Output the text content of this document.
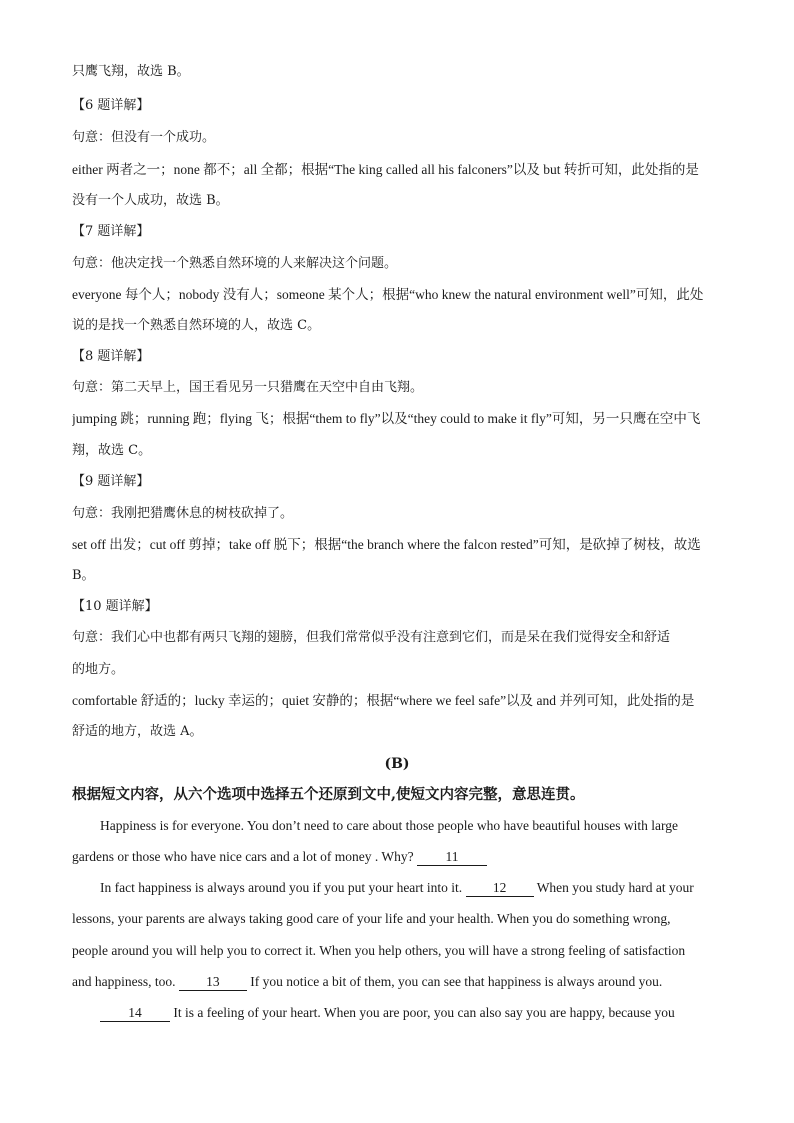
只鹰飞翔，故选 B。
【6 题详解】
句意：但没有一个成功。
either 两者之一；none 都不；all 全都；根据“The king called all his falconers”以及 but 转折可知，此处指的是
没有一个人成功，故选 B。
【7 题详解】
句意：他决定找一个熟悉自然环境的人来解决这个问题。
everyone 每个人；nobody 没有人；someone 某个人；根据“who knew the natural environment well”可知，此处
说的是找一个熟悉自然环境的人，故选 C。
【8 题详解】
句意：第二天早上，国王看见另一只猎鹰在天空中自由飞翔。
jumping 跳；running 跑；flying 飞；根据“them to fly”以及“they could to make it fly”可知，另一只鹰在空中飞
翔，故选 C。
【9 题详解】
句意：我刚把猎鹰休息的树枝砍掉了。
set off 出发；cut off 剪掉；take off 脱下；根据“the branch where the falcon rested”可知，是砍掉了树枝，故选
B。
【10 题详解】
句意：我们心中也都有两只飞翔的翅膀，但我们常常似乎没有注意到它们，而是呆在我们觉得安全和舒适
的地方。
comfortable 舒适的；lucky 幸运的；quiet 安静的；根据“where we feel safe”以及 and 并列可知，此处指的是
舒适的地方，故选 A。
(B)
根据短文内容，从六个选项中选择五个还原到文中,使短文内容完整，意思连贯。
Happiness is for everyone. You don’t need to care about those people who have beautiful houses with large
gardens or those who have nice cars and a lot of money . Why? 11
In fact happiness is always around you if you put your heart into it. 12 When you study hard at your
lessons, your parents are always taking good care of your life and your health. When you do something wrong,
people around you will help you to correct it. When you help others, you will have a strong feeling of satisfaction
and happiness, too. 13 If you notice a bit of them, you can see that happiness is always around you.
14 It is a feeling of your heart. When you are poor, you can also say you are happy, because you
